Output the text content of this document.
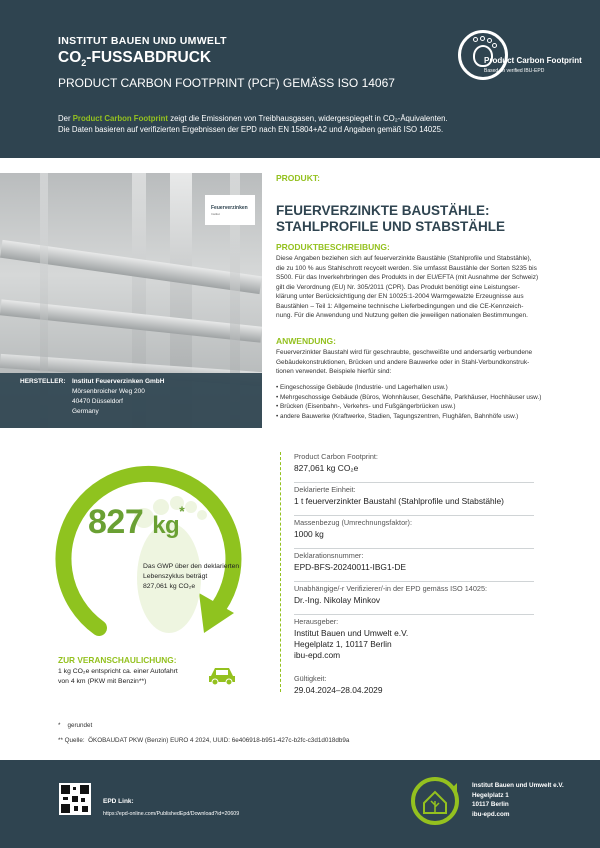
INSTITUT BAUEN UND UMWELT
$CO_2$-FUSSABDRUCK
PRODUCT CARBON FOOTPRINT (PCF) GEMÄSS ISO 14067
Product Carbon Footprint
Based on verified IBU-EPD
Der Product Carbon Footprint zeigt die Emissionen von Treibhausgasen, widergespiegelt in CO₂-Äquivalenten.
Die Daten basieren auf verifizierten Ergebnissen der EPD nach EN 15804+A2 und Angaben gemäß ISO 14025.
Feuerverzinken
Institut
HERSTELLER: Institut Feuerverzinken GmbH
Mörsenbroicher Weg 200
40470 Düsseldorf
Germany
PRODUKT:
FEUERVERZINKTE BAUSTÄHLE:
STAHLPROFILE UND STABSTÄHLE
PRODUKTBESCHREIBUNG:
Diese Angaben beziehen sich auf feuerverzinkte Baustähle (Stahlprofile und Stabstähle),
die zu 100 % aus Stahlschrott recycelt werden. Sie umfasst Baustähle der Sorten S235 bis
S500. Für das Inverkehrbringen des Produkts in der EU/EFTA (mit Ausnahme der Schweiz)
gilt die Verordnung (EU) Nr. 305/2011 (CPR). Das Produkt benötigt eine Leistungser-
klärung unter Berücksichtigung der EN 10025:1-2004 Warmgewalzte Erzeugnisse aus
Baustählen – Teil 1: Allgemeine technische Lieferbedingungen und die CE-Kennzeich-
nung. Für die Anwendung und Nutzung gelten die jeweiligen nationalen Bestimmungen.
ANWENDUNG:
Feuerverzinkter Baustahl wird für geschraubte, geschweißte und andersartig verbundene
Gebäudekonstruktionen, Brücken und andere Bauwerke oder in Stahl-Verbundkonstruk-
tionen verwendet. Beispiele hierfür sind:
• Eingeschossige Gebäude (Industrie- und Lagerhallen usw.)
• Mehrgeschossige Gebäude (Büros, Wohnhäuser, Geschäfte, Parkhäuser, Hochhäuser usw.)
• Brücken (Eisenbahn-, Verkehrs- und Fußgängerbrücken usw.)
• andere Bauwerke (Kraftwerke, Stadien, Tagungszentren, Flughäfen, Bahnhöfe usw.)
827 kg*
Das GWP über den deklarierten
Lebenszyklus beträgt
827,061 kg CO₂e
ZUR VERANSCHAULICHUNG:
1 kg CO₂e entspricht ca. einer Autofahrt
von 4 km (PKW mit Benzin**)
Product Carbon Footprint:
827,061 kg CO₂e
Deklarierte Einheit:
1 t feuerverzinkter Baustahl (Stahlprofile und Stabstähle)
Massenbezug (Umrechnungsfaktor):
1000 kg
Deklarationsnummer:
EPD-BFS-20240011-IBG1-DE
Unabhängige/-r Verifizierer/-in der EPD gemäss ISO 14025:
Dr.-Ing. Nikolay Minkov
Herausgeber:
Institut Bauen und Umwelt e.V.
Hegelplatz 1, 10117 Berlin
ibu-epd.com
Gültigkeit:
29.04.2024–28.04.2029
* gerundet
** Quelle: ÖKOBAUDAT PKW (Benzin) EURO 4 2024, UUID: 6e406918-b951-427c-b2fc-c3d1d018db9a
EPD Link:
https://epd-online.com/PublishedEpd/Download?id=20609
Institut Bauen und Umwelt e.V.
Hegelplatz 1
10117 Berlin
ibu-epd.com
